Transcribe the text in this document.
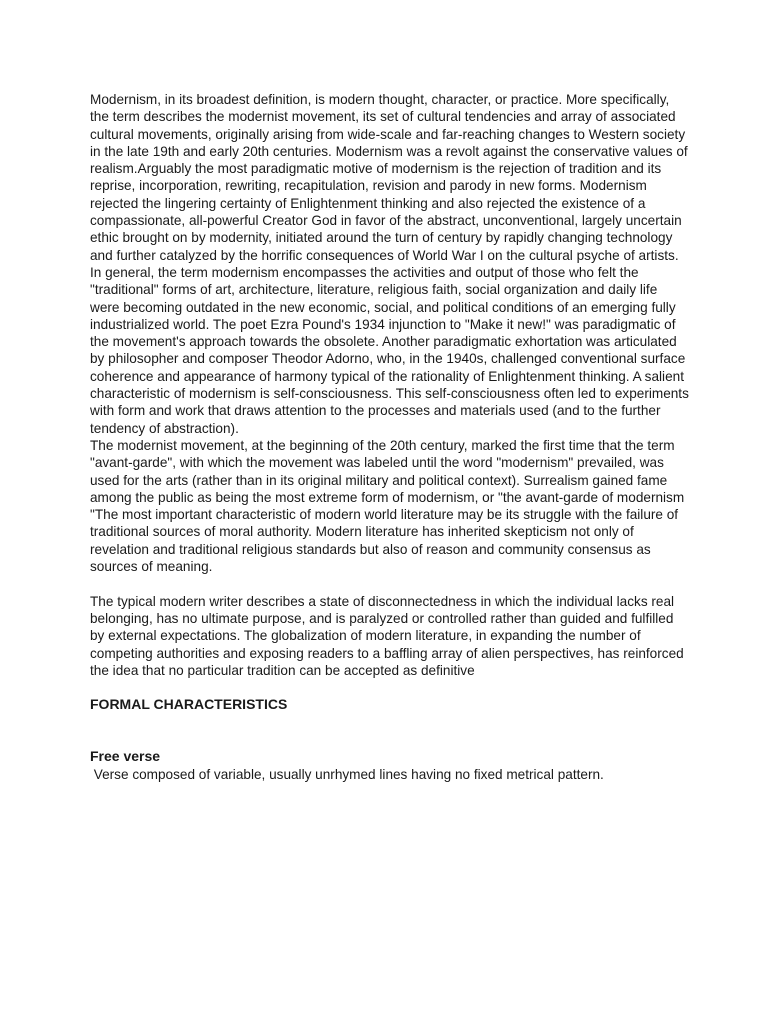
Modernism, in its broadest definition, is modern thought, character, or practice. More specifically, the term describes the modernist movement, its set of cultural tendencies and array of associated cultural movements, originally arising from wide-scale and far-reaching changes to Western society in the late 19th and early 20th centuries. Modernism was a revolt against the conservative values of realism.Arguably the most paradigmatic motive of modernism is the rejection of tradition and its reprise, incorporation, rewriting, recapitulation, revision and parody in new forms. Modernism rejected the lingering certainty of Enlightenment thinking and also rejected the existence of a compassionate, all-powerful Creator God in favor of the abstract, unconventional, largely uncertain ethic brought on by modernity, initiated around the turn of century by rapidly changing technology and further catalyzed by the horrific consequences of World War I on the cultural psyche of artists.

In general, the term modernism encompasses the activities and output of those who felt the "traditional" forms of art, architecture, literature, religious faith, social organization and daily life were becoming outdated in the new economic, social, and political conditions of an emerging fully industrialized world. The poet Ezra Pound's 1934 injunction to "Make it new!" was paradigmatic of the movement's approach towards the obsolete. Another paradigmatic exhortation was articulated by philosopher and composer Theodor Adorno, who, in the 1940s, challenged conventional surface coherence and appearance of harmony typical of the rationality of Enlightenment thinking. A salient characteristic of modernism is self-consciousness. This self-consciousness often led to experiments with form and work that draws attention to the processes and materials used (and to the further tendency of abstraction).

The modernist movement, at the beginning of the 20th century, marked the first time that the term "avant-garde", with which the movement was labeled until the word "modernism" prevailed, was used for the arts (rather than in its original military and political context). Surrealism gained fame among the public as being the most extreme form of modernism, or "the avant-garde of modernism

"The most important characteristic of modern world literature may be its struggle with the failure of traditional sources of moral authority. Modern literature has inherited skepticism not only of revelation and traditional religious standards but also of reason and community consensus as sources of meaning.

The typical modern writer describes a state of disconnectedness in which the individual lacks real belonging, has no ultimate purpose, and is paralyzed or controlled rather than guided and fulfilled by external expectations. The globalization of modern literature, in expanding the number of competing authorities and exposing readers to a baffling array of alien perspectives, has reinforced the idea that no particular tradition can be accepted as definitive

FORMAL CHARACTERISTICS

Free verse

Verse composed of variable, usually unrhymed lines having no fixed metrical pattern.
